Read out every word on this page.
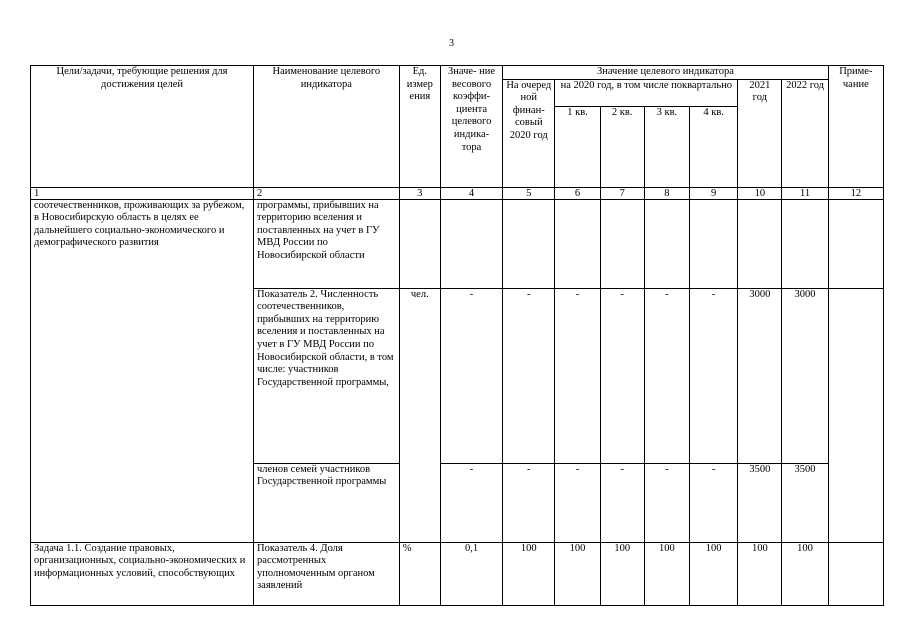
3
Цели/задачи, требующие решения для достижения целей	Наименование целевого индикатора	Ед. измер ения	Значе- ние весового коэффи- циента целевого индика- тора	Значение целевого индикатора							Приме- чание
				На очеред ной финан- совый 2020 год	на 2020 год, в том числе поквартально				2021 год	2022 год	
					1 кв.	2 кв.	3 кв.	4 кв.			
1	2	3	4	5	6	7	8	9	10	11	12
соотечественников, проживающих за рубежом, в Новосибирскую область в целях ее дальнейшего социально-экономического и демографического развития	программы, прибывших на территорию вселения и поставленных на учет в ГУ МВД России по Новосибирской области										
	Показатель 2. Численность соотечественников, прибывших на территорию вселения и поставленных на учет в ГУ МВД России по Новосибирской области, в том числе: участников Государственной программы,	чел.	-	-	-	-	-	-	3000	3000	
	членов семей участников Государственной программы		-	-	-	-	-	-	3500	3500	
Задача 1.1. Создание правовых, организационных, социально-экономических и информационных условий, способствующих	Показатель 4. Доля рассмотренных уполномоченным органом заявлений	%	0,1	100	100	100	100	100	100	100	
